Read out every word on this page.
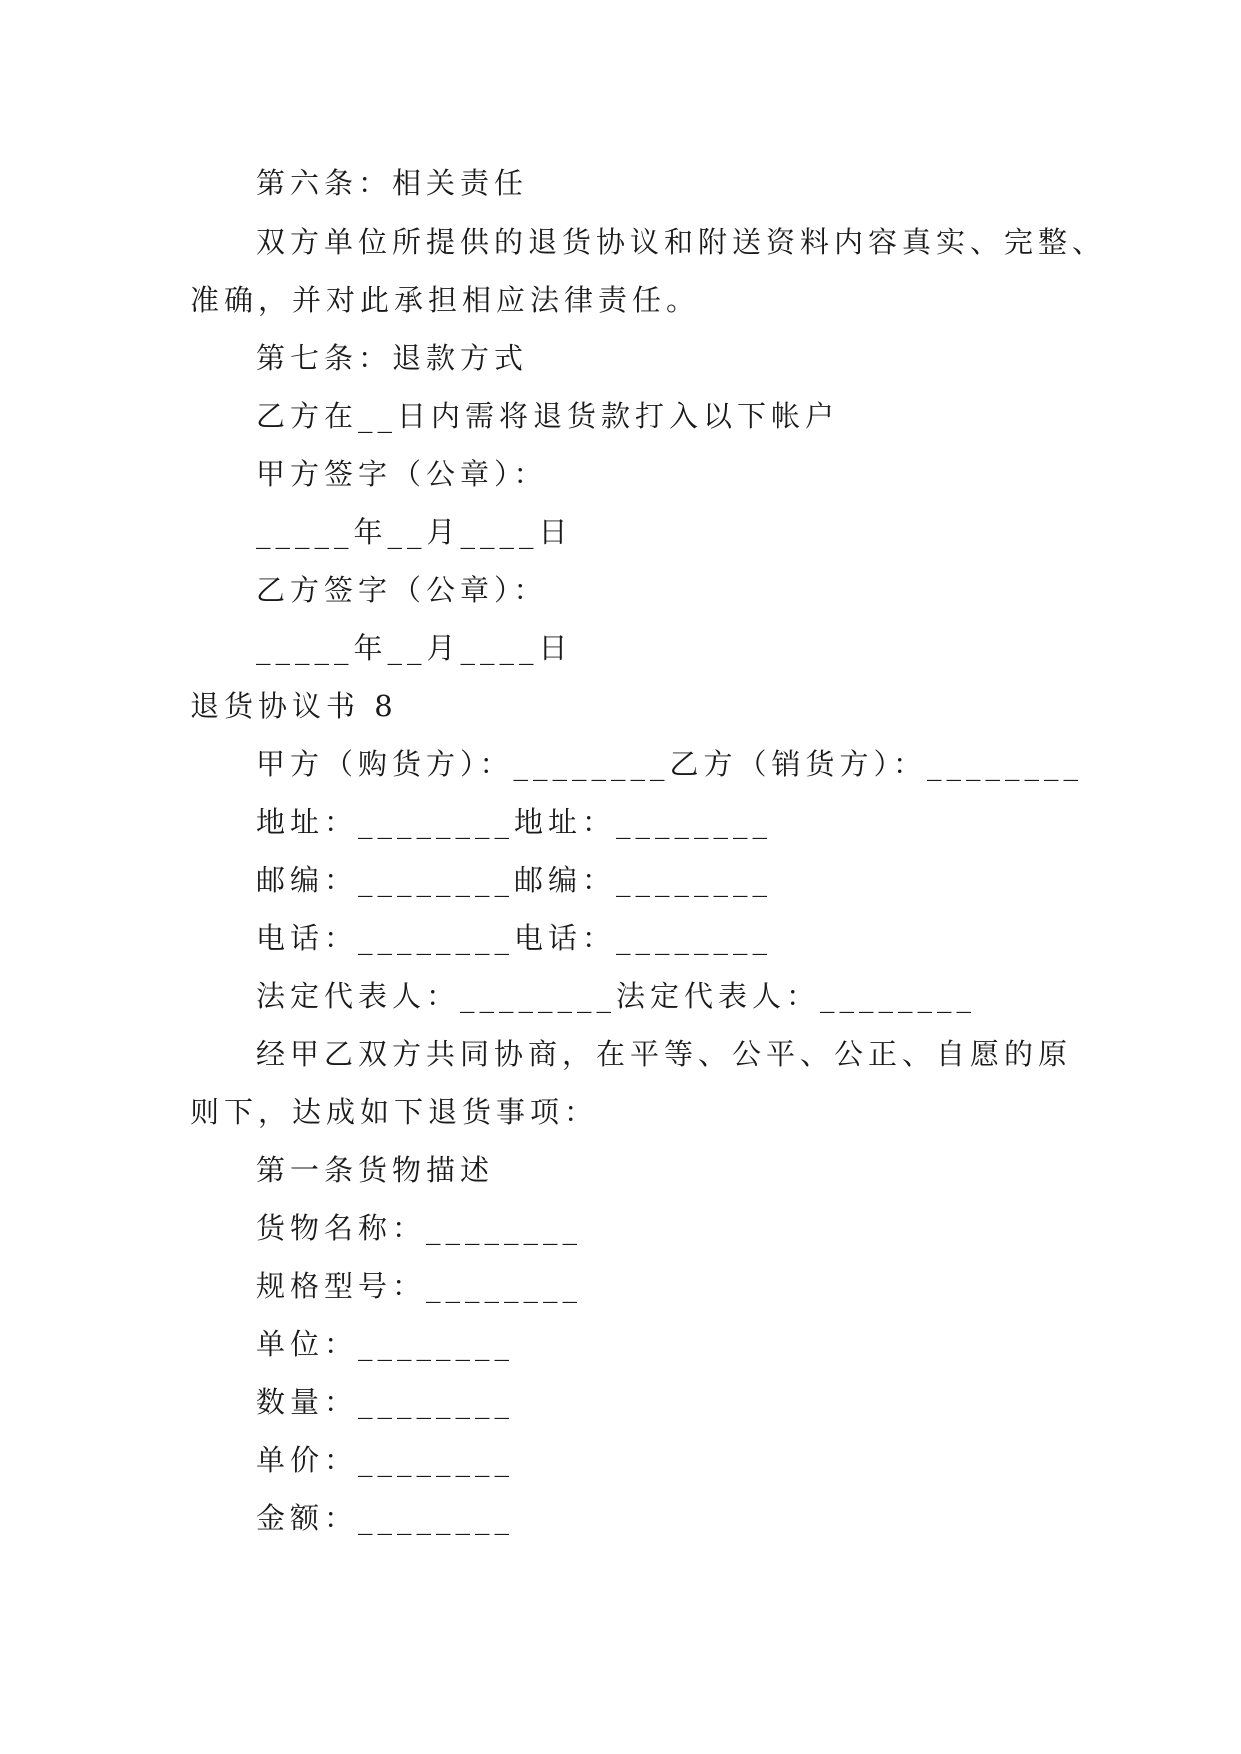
第六条：相关责任
双方单位所提供的退货协议和附送资料内容真实、完整、
准确，并对此承担相应法律责任。
第七条：退款方式
乙方在__日内需将退货款打入以下帐户
甲方签字（公章）：
_____年__月____日
乙方签字（公章）：
_____年__月____日
退货协议书 8
甲方（购货方）：________乙方（销货方）：________
地址：________地址：________
邮编：________邮编：________
电话：________电话：________
法定代表人：________法定代表人：________
经甲乙双方共同协商，在平等、公平、公正、自愿的原
则下，达成如下退货事项：
第一条货物描述
货物名称：________
规格型号：________
单位：________
数量：________
单价：________
金额：________
